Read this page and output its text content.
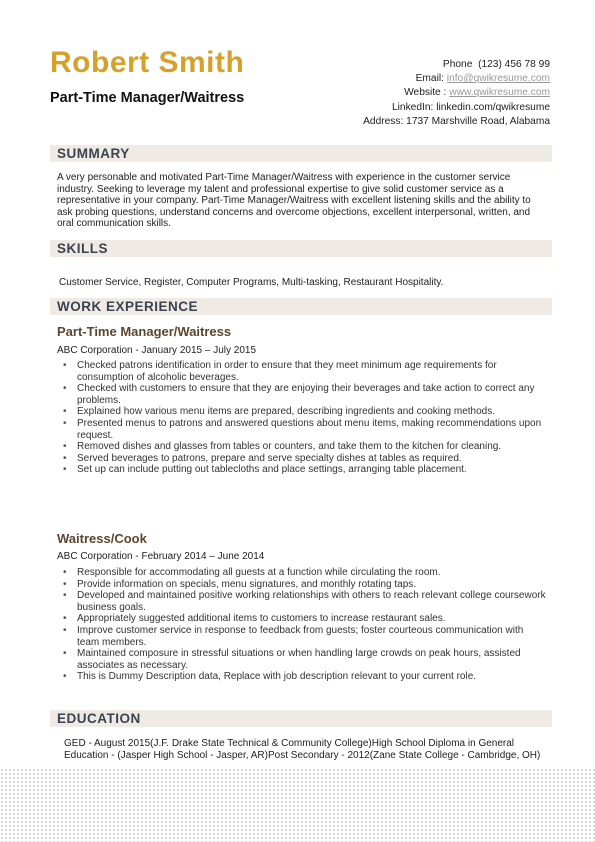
Robert Smith
Part-Time Manager/Waitress
Phone (123) 456 78 99
Email: info@qwikresume.com
Website : www.qwikresume.com
LinkedIn: linkedin.com/qwikresume
Address: 1737 Marshville Road, Alabama
SUMMARY
A very personable and motivated Part-Time Manager/Waitress with experience in the customer service industry. Seeking to leverage my talent and professional expertise to give solid customer service as a representative in your company. Part-Time Manager/Waitress with excellent listening skills and the ability to ask probing questions, understand concerns and overcome objections, excellent interpersonal, written, and oral communication skills.
SKILLS
Customer Service, Register, Computer Programs, Multi-tasking, Restaurant Hospitality.
WORK EXPERIENCE
Part-Time Manager/Waitress
ABC Corporation - January 2015 – July 2015
• Checked patrons identification in order to ensure that they meet minimum age requirements for consumption of alcoholic beverages.
• Checked with customers to ensure that they are enjoying their beverages and take action to correct any problems.
• Explained how various menu items are prepared, describing ingredients and cooking methods.
• Presented menus to patrons and answered questions about menu items, making recommendations upon request.
• Removed dishes and glasses from tables or counters, and take them to the kitchen for cleaning.
• Served beverages to patrons, prepare and serve specialty dishes at tables as required.
• Set up can include putting out tablecloths and place settings, arranging table placement.
Waitress/Cook
ABC Corporation - February 2014 – June 2014
• Responsible for accommodating all guests at a function while circulating the room.
• Provide information on specials, menu signatures, and monthly rotating taps.
• Developed and maintained positive working relationships with others to reach relevant college coursework business goals.
• Appropriately suggested additional items to customers to increase restaurant sales.
• Improve customer service in response to feedback from guests; foster courteous communication with team members.
• Maintained composure in stressful situations or when handling large crowds on peak hours, assisted associates as necessary.
• This is Dummy Description data, Replace with job description relevant to your current role.
EDUCATION
GED - August 2015(J.F. Drake State Technical & Community College)High School Diploma in General Education - (Jasper High School - Jasper, AR)Post Secondary - 2012(Zane State College - Cambridge, OH)
